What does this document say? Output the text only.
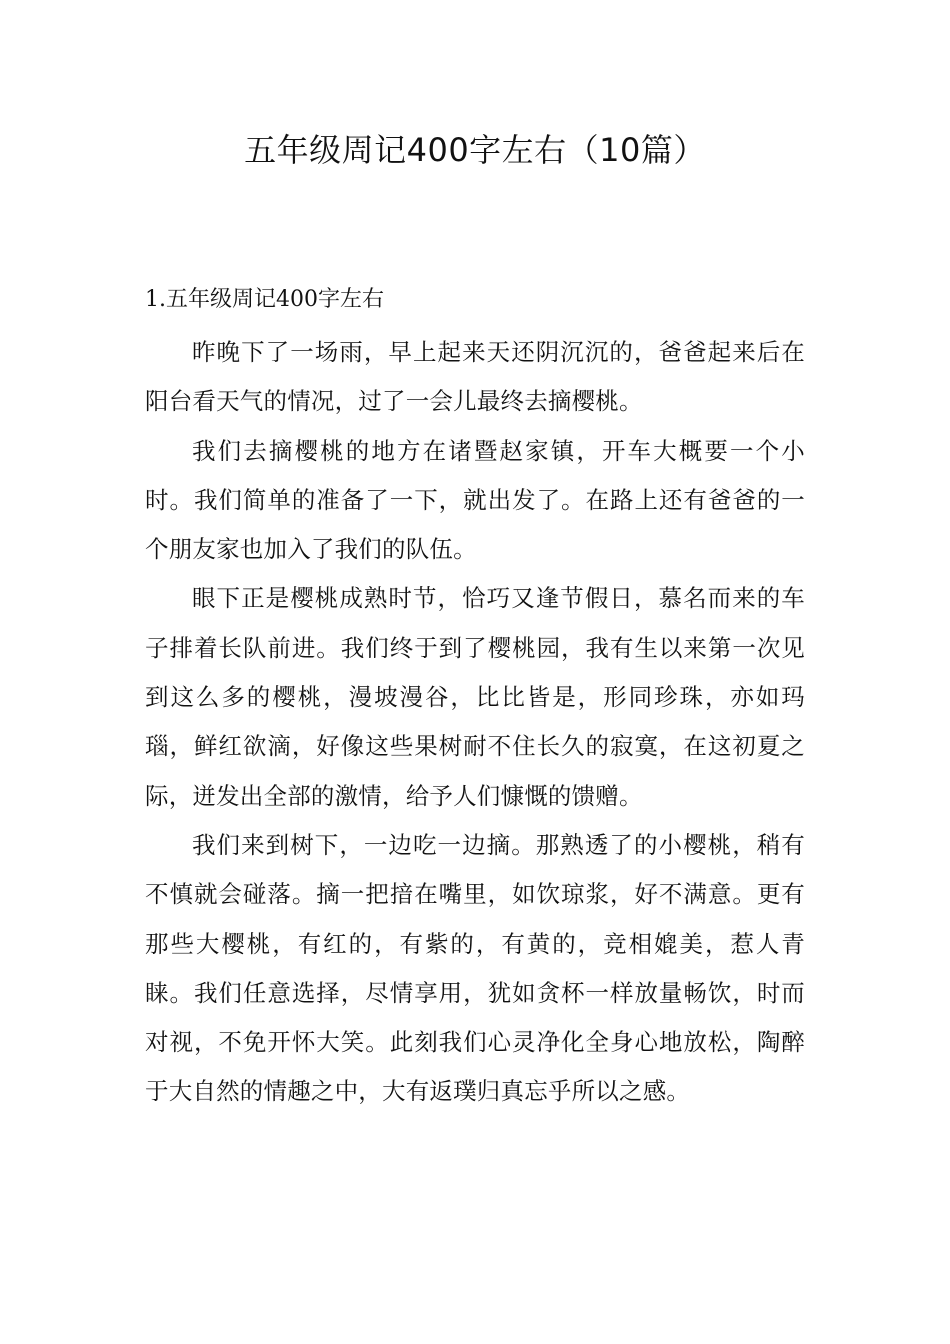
五年级周记400字左右（10篇）
1.五年级周记400字左右

昨晚下了一场雨，早上起来天还阴沉沉的，爸爸起来后在阳台看天气的情况，过了一会儿最终去摘樱桃。

我们去摘樱桃的地方在诸暨赵家镇，开车大概要一个小时。我们简单的准备了一下，就出发了。在路上还有爸爸的一个朋友家也加入了我们的队伍。

眼下正是樱桃成熟时节，恰巧又逢节假日，慕名而来的车子排着长队前进。我们终于到了樱桃园，我有生以来第一次见到这么多的樱桃，漫坡漫谷，比比皆是，形同珍珠，亦如玛瑙，鲜红欲滴，好像这些果树耐不住长久的寂寞，在这初夏之际，迸发出全部的激情，给予人们慷慨的馈赠。

我们来到树下，一边吃一边摘。那熟透了的小樱桃，稍有不慎就会碰落。摘一把揞在嘴里，如饮琼浆，好不满意。更有那些大樱桃，有红的，有紫的，有黄的，竞相媲美，惹人青睐。我们任意选择，尽情享用，犹如贪杯一样放量畅饮，时而对视，不免开怀大笑。此刻我们心灵净化全身心地放松，陶醉于大自然的情趣之中，大有返璞归真忘乎所以之感。
